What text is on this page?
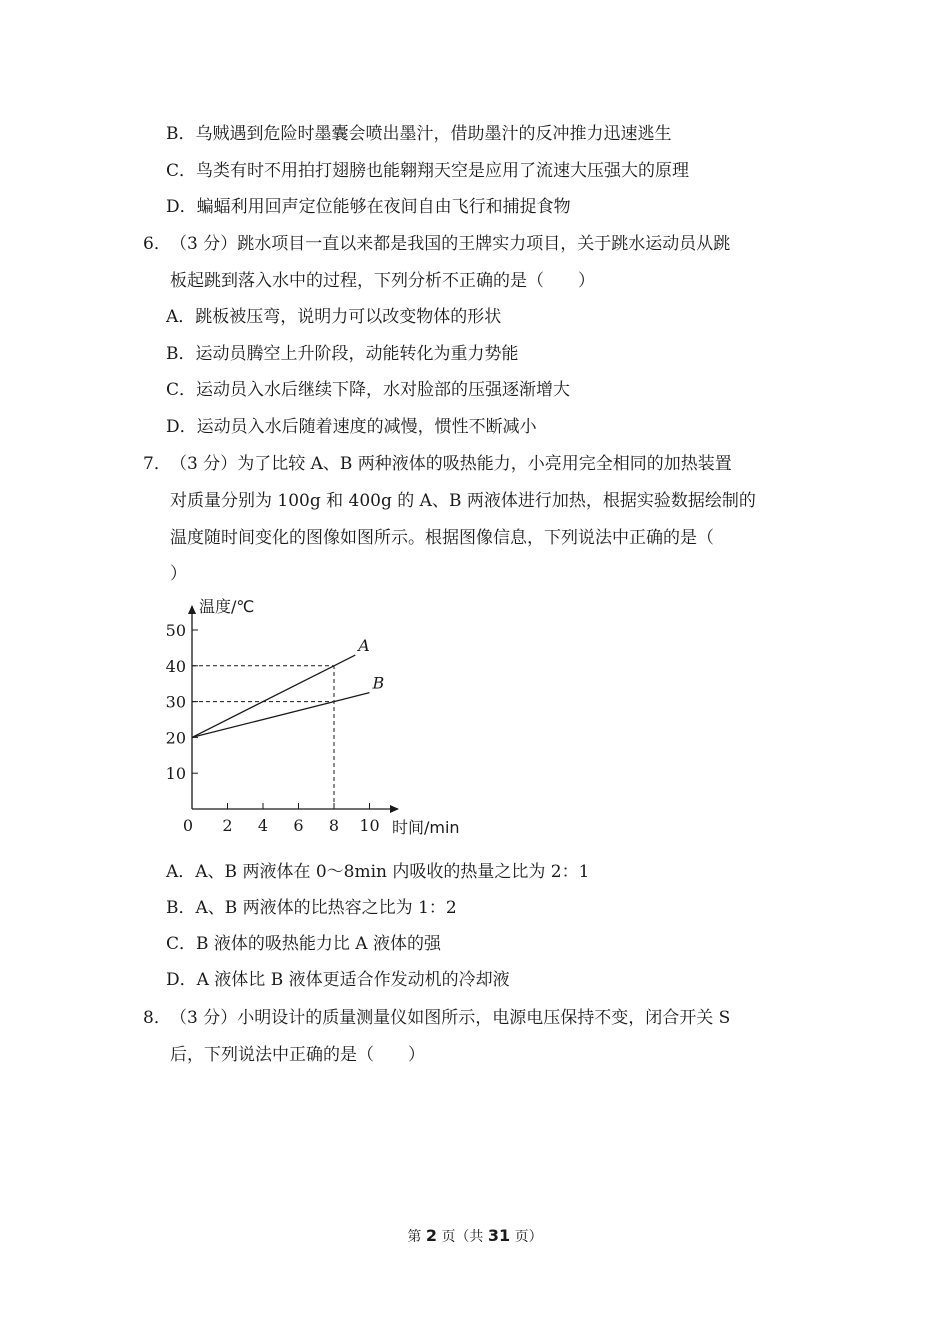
B．乌贼遇到危险时墨囊会喷出墨汁，借助墨汁的反冲推力迅速逃生
C．鸟类有时不用拍打翅膀也能翱翔天空是应用了流速大压强大的原理
D．蝙蝠利用回声定位能够在夜间自由飞行和捕捉食物
6． （3 分）跳水项目一直以来都是我国的王牌实力项目，关于跳水运动员从跳
板起跳到落入水中的过程，下列分析不正确的是（　　）
A．跳板被压弯，说明力可以改变物体的形状
B．运动员腾空上升阶段，动能转化为重力势能
C．运动员入水后继续下降，水对脸部的压强逐渐增大
D．运动员入水后随着速度的减慢，惯性不断减小
7． （3 分）为了比较 A、B 两种液体的吸热能力，小亮用完全相同的加热装置
对质量分别为 100g 和 400g 的 A、B 两液体进行加热，根据实验数据绘制的
温度随时间变化的图像如图所示。根据图像信息，下列说法中正确的是（
）
10
20
30
40
50
2 4 6 8 10
0
温度/℃
时间/min
A
B
A．A、B 两液体在 0～8min 内吸收的热量之比为 2：1
B．A、B 两液体的比热容之比为 1：2
C．B 液体的吸热能力比 A 液体的强
D．A 液体比 B 液体更适合作发动机的冷却液
8． （3 分）小明设计的质量测量仪如图所示，电源电压保持不变，闭合开关 S
后，下列说法中正确的是（　　）
第 2 页（共 31 页）
